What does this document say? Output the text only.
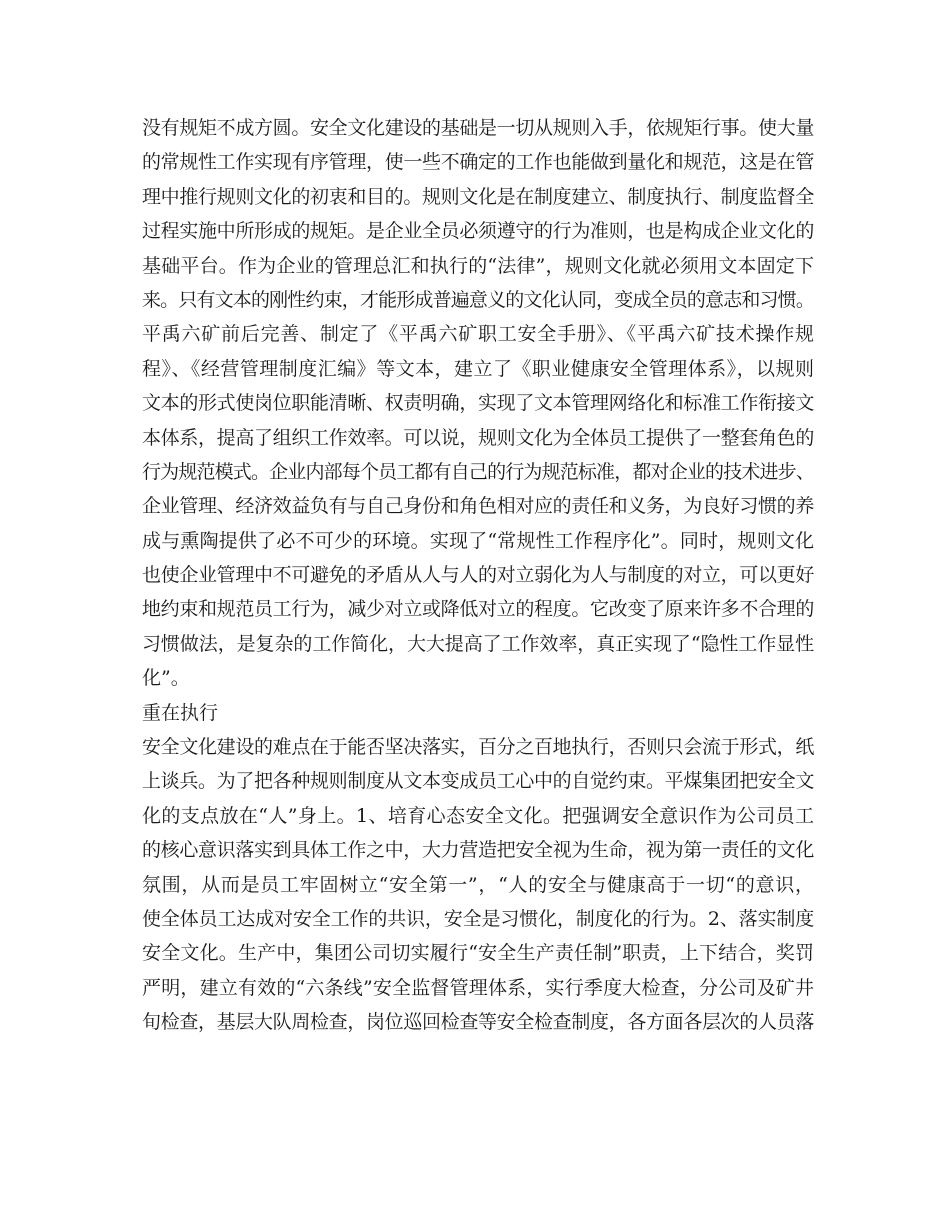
没有规矩不成方圆。安全文化建设的基础是一切从规则入手，依规矩行事。使大量
的常规性工作实现有序管理，使一些不确定的工作也能做到量化和规范，这是在管
理中推行规则文化的初衷和目的。规则文化是在制度建立、制度执行、制度监督全
过程实施中所形成的规矩。是企业全员必须遵守的行为准则，也是构成企业文化的
基础平台。作为企业的管理总汇和执行的“法律”，规则文化就必须用文本固定下
来。只有文本的刚性约束，才能形成普遍意义的文化认同，变成全员的意志和习惯。
平禹六矿前后完善、制定了《平禹六矿职工安全手册》、《平禹六矿技术操作规
程》、《经营管理制度汇编》等文本，建立了《职业健康安全管理体系》，以规则
文本的形式使岗位职能清晰、权责明确，实现了文本管理网络化和标准工作衔接文
本体系，提高了组织工作效率。可以说，规则文化为全体员工提供了一整套角色的
行为规范模式。企业内部每个员工都有自己的行为规范标准，都对企业的技术进步、
企业管理、经济效益负有与自己身份和角色相对应的责任和义务，为良好习惯的养
成与熏陶提供了必不可少的环境。实现了“常规性工作程序化”。同时，规则文化
也使企业管理中不可避免的矛盾从人与人的对立弱化为人与制度的对立，可以更好
地约束和规范员工行为，减少对立或降低对立的程度。它改变了原来许多不合理的
习惯做法，是复杂的工作简化，大大提高了工作效率，真正实现了“隐性工作显性
化”。
重在执行
安全文化建设的难点在于能否坚决落实，百分之百地执行，否则只会流于形式，纸
上谈兵。为了把各种规则制度从文本变成员工心中的自觉约束。平煤集团把安全文
化的支点放在“人”身上。1、培育心态安全文化。把强调安全意识作为公司员工
的核心意识落实到具体工作之中，大力营造把安全视为生命，视为第一责任的文化
氛围，从而是员工牢固树立“安全第一”，“人的安全与健康高于一切“的意识，
使全体员工达成对安全工作的共识，安全是习惯化，制度化的行为。2、落实制度
安全文化。生产中，集团公司切实履行“安全生产责任制”职责，上下结合，奖罚
严明，建立有效的“六条线”安全监督管理体系，实行季度大检查，分公司及矿井
旬检查，基层大队周检查，岗位巡回检查等安全检查制度，各方面各层次的人员落
